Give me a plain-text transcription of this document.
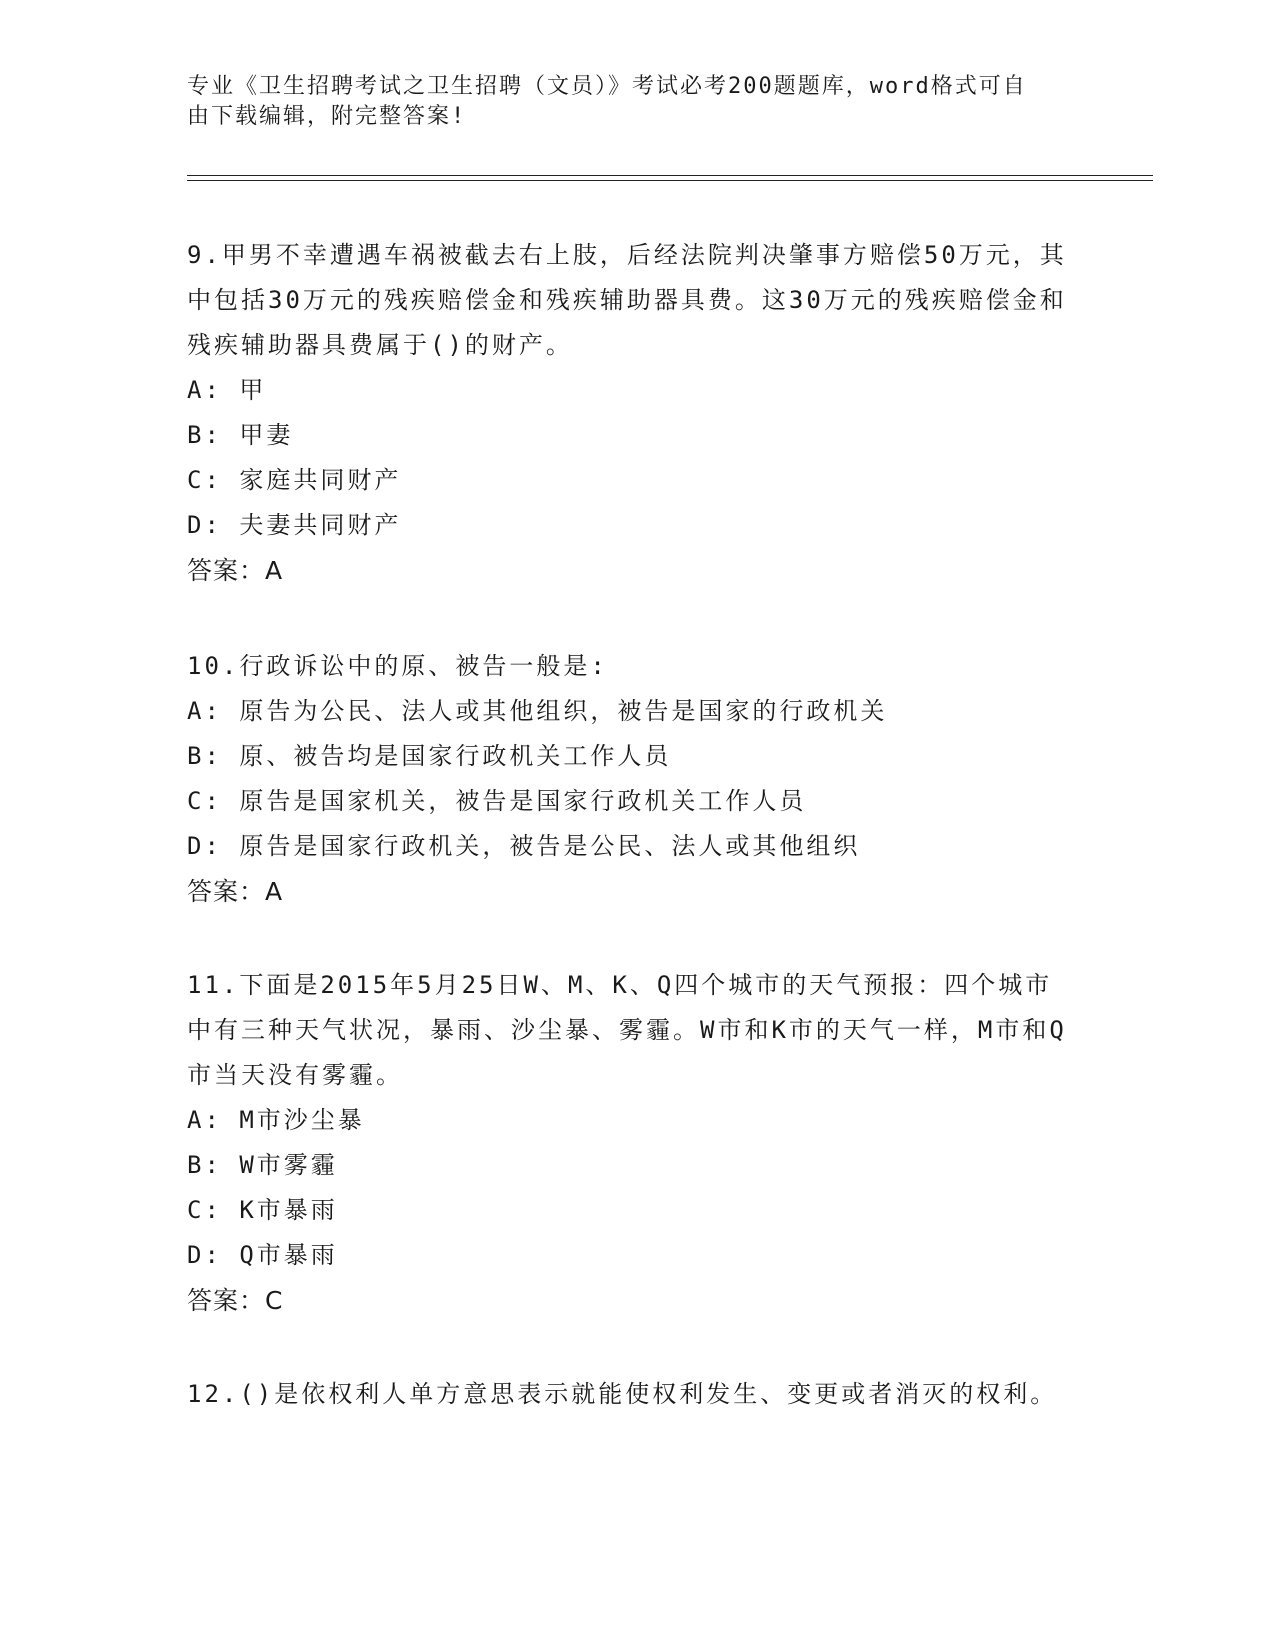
专业《卫生招聘考试之卫生招聘（文员）》考试必考200题题库，word格式可自由下载编辑，附完整答案!

9.甲男不幸遭遇车祸被截去右上肢，后经法院判决肇事方赔偿50万元，其中包括30万元的残疾赔偿金和残疾辅助器具费。这30万元的残疾赔偿金和残疾辅助器具费属于()的财产。

A: 甲

B: 甲妻

C: 家庭共同财产

D: 夫妻共同财产

答案：A

10.行政诉讼中的原、被告一般是:

A: 原告为公民、法人或其他组织，被告是国家的行政机关

B: 原、被告均是国家行政机关工作人员

C: 原告是国家机关，被告是国家行政机关工作人员

D: 原告是国家行政机关，被告是公民、法人或其他组织

答案：A

11.下面是2015年5月25日W、M、K、Q四个城市的天气预报：四个城市中有三种天气状况，暴雨、沙尘暴、雾霾。W市和K市的天气一样，M市和Q市当天没有雾霾。

A: M市沙尘暴

B: W市雾霾

C: K市暴雨

D: Q市暴雨

答案：C

12.()是依权利人单方意思表示就能使权利发生、变更或者消灭的权利。
